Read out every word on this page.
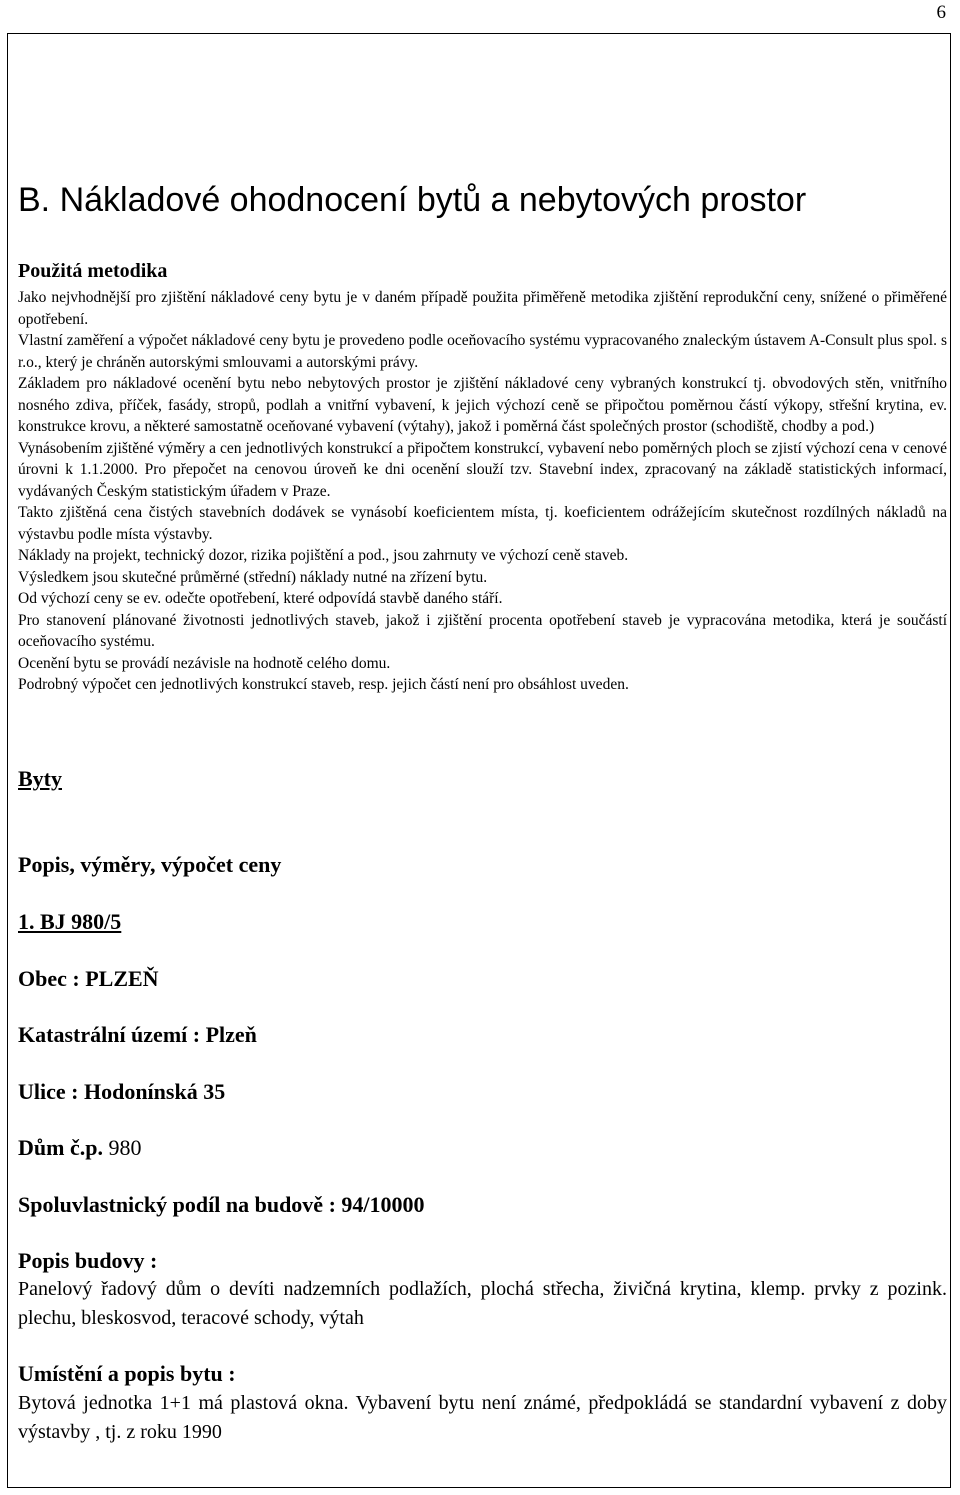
6
B. Nákladové ohodnocení bytů a nebytových prostor
Použitá metodika

Jako nejvhodnější pro zjištění nákladové ceny bytu je v daném případě použita přiměřeně metodika zjištění reprodukční ceny, snížené o přiměřené opotřebení.

Vlastní zaměření a výpočet nákladové ceny bytu je provedeno podle oceňovacího systému vypracovaného znaleckým ústavem A-Consult plus spol. s r.o., který je chráněn autorskými smlouvami a autorskými právy.

Základem pro nákladové ocenění bytu nebo nebytových prostor je zjištění nákladové ceny vybraných konstrukcí tj. obvodových stěn, vnitřního nosného zdiva, příček, fasády, stropů, podlah a vnitřní vybavení, k jejich výchozí ceně se připočtou poměrnou částí výkopy, střešní krytina, ev. konstrukce krovu, a některé samostatně oceňované vybavení (výtahy), jakož i poměrná část společných prostor (schodiště, chodby a pod.)

Vynásobením zjištěné výměry a cen jednotlivých konstrukcí a připočtem konstrukcí, vybavení nebo poměrných ploch se zjistí výchozí cena v cenové úrovni k 1.1.2000. Pro přepočet na cenovou úroveň ke dni ocenění slouží tzv. Stavební index, zpracovaný na základě statistických informací, vydávaných Českým statistickým úřadem v Praze.

Takto zjištěná cena čistých stavebních dodávek se vynásobí koeficientem místa, tj. koeficientem odrážejícím skutečnost rozdílných nákladů na výstavbu podle místa výstavby.

Náklady na projekt, technický dozor, rizika pojištění a pod., jsou zahrnuty ve výchozí ceně staveb.

Výsledkem jsou skutečné průměrné (střední) náklady nutné na zřízení bytu.

Od výchozí ceny se ev. odečte opotřebení, které odpovídá stavbě daného stáří.

Pro stanovení plánované životnosti jednotlivých staveb, jakož i zjištění procenta opotřebení staveb je vypracována metodika, která je součástí oceňovacího systému.

Ocenění bytu se provádí nezávisle na hodnotě celého domu.

Podrobný výpočet cen jednotlivých konstrukcí staveb, resp. jejich částí není pro obsáhlost uveden.

Byty
Popis, výměry, výpočet ceny
1. BJ 980/5
Obec : PLZEŇ
Katastrální území : Plzeň
Ulice : Hodonínská 35
Dům č.p. 980
Spoluvlastnický podíl na budově : 94/10000
Popis budovy :

Panelový řadový dům o devíti nadzemních podlažích, plochá střecha, živičná krytina, klemp. prvky z pozink. plechu, bleskosvod, teracové schody, výtah

Umístění a popis bytu :

Bytová jednotka 1+1 má plastová okna. Vybavení bytu není známé, předpokládá se standardní vybavení z doby výstavby , tj. z roku 1990
